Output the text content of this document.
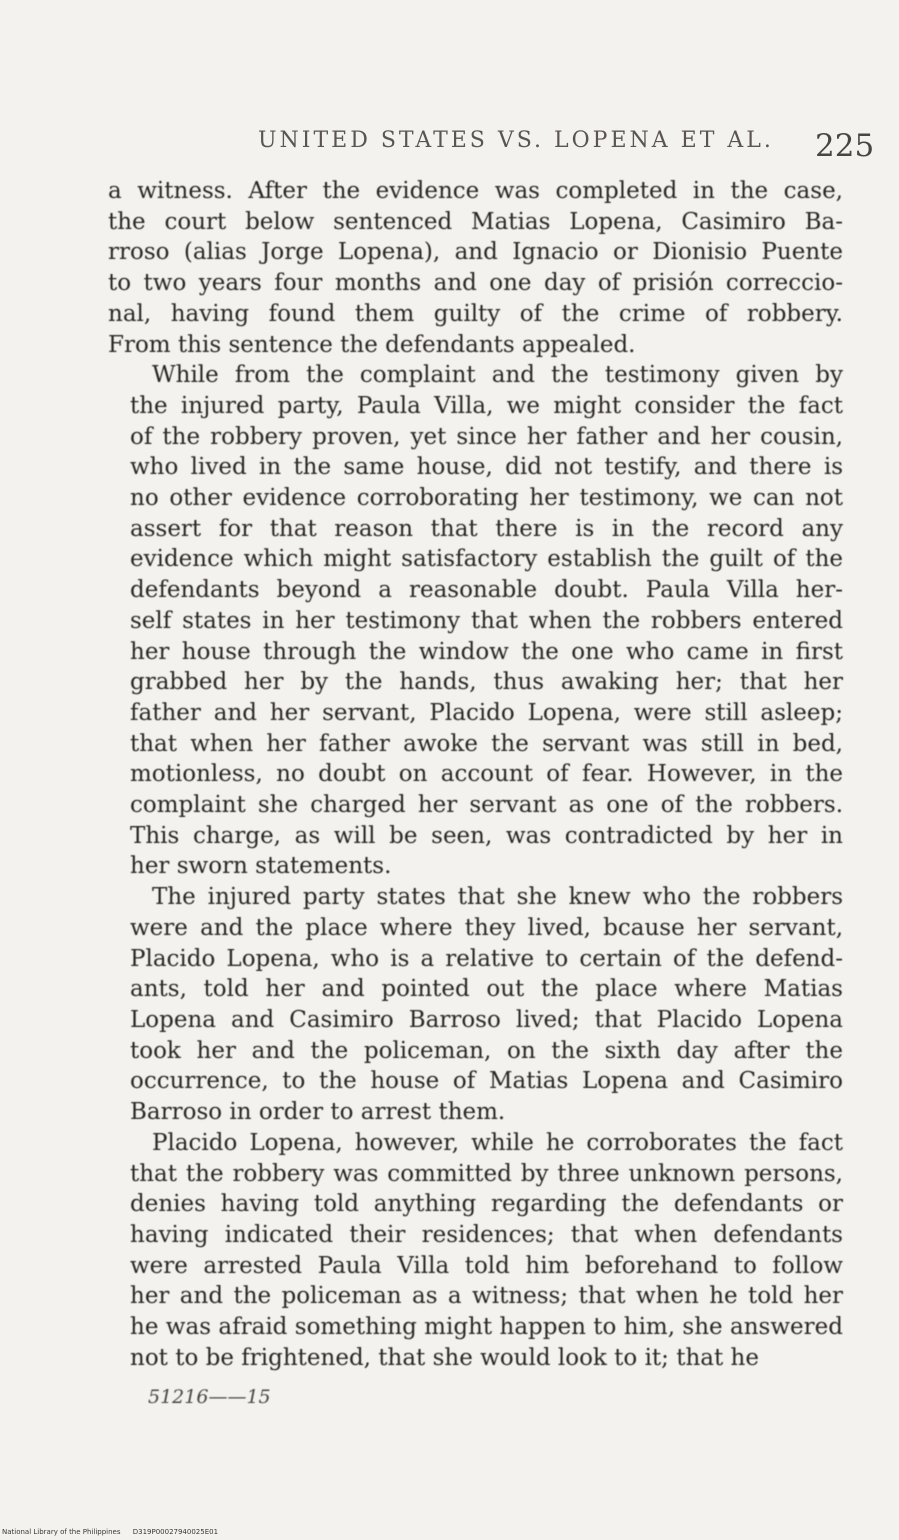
UNITED STATES VS. LOPENA ET AL. 225

a witness. After the evidence was completed in the case,
the court below sentenced Matias Lopena, Casimiro Ba-
rroso (alias Jorge Lopena), and Ignacio or Dionisio Puente
to two years four months and one day of prisión correccio-
nal, having found them guilty of the crime of robbery.
From this sentence the defendants appealed.

While from the complaint and the testimony given by
the injured party, Paula Villa, we might consider the fact
of the robbery proven, yet since her father and her cousin,
who lived in the same house, did not testify, and there is
no other evidence corroborating her testimony, we can not
assert for that reason that there is in the record any
evidence which might satisfactory establish the guilt of the
defendants beyond a reasonable doubt. Paula Villa her-
self states in her testimony that when the robbers entered
her house through the window the one who came in first
grabbed her by the hands, thus awaking her; that her
father and her servant, Placido Lopena, were still asleep;
that when her father awoke the servant was still in bed,
motionless, no doubt on account of fear. However, in the
complaint she charged her servant as one of the robbers.
This charge, as will be seen, was contradicted by her in
her sworn statements.

The injured party states that she knew who the robbers
were and the place where they lived, bcause her servant,
Placido Lopena, who is a relative to certain of the defend-
ants, told her and pointed out the place where Matias
Lopena and Casimiro Barroso lived; that Placido Lopena
took her and the policeman, on the sixth day after the
occurrence, to the house of Matias Lopena and Casimiro
Barroso in order to arrest them.

Placido Lopena, however, while he corroborates the fact
that the robbery was committed by three unknown persons,
denies having told anything regarding the defendants or
having indicated their residences; that when defendants
were arrested Paula Villa told him beforehand to follow
her and the policeman as a witness; that when he told her
he was afraid something might happen to him, she answered
not to be frightened, that she would look to it; that he

51216——15
National Library of the Philippines D319P00027940025E01
